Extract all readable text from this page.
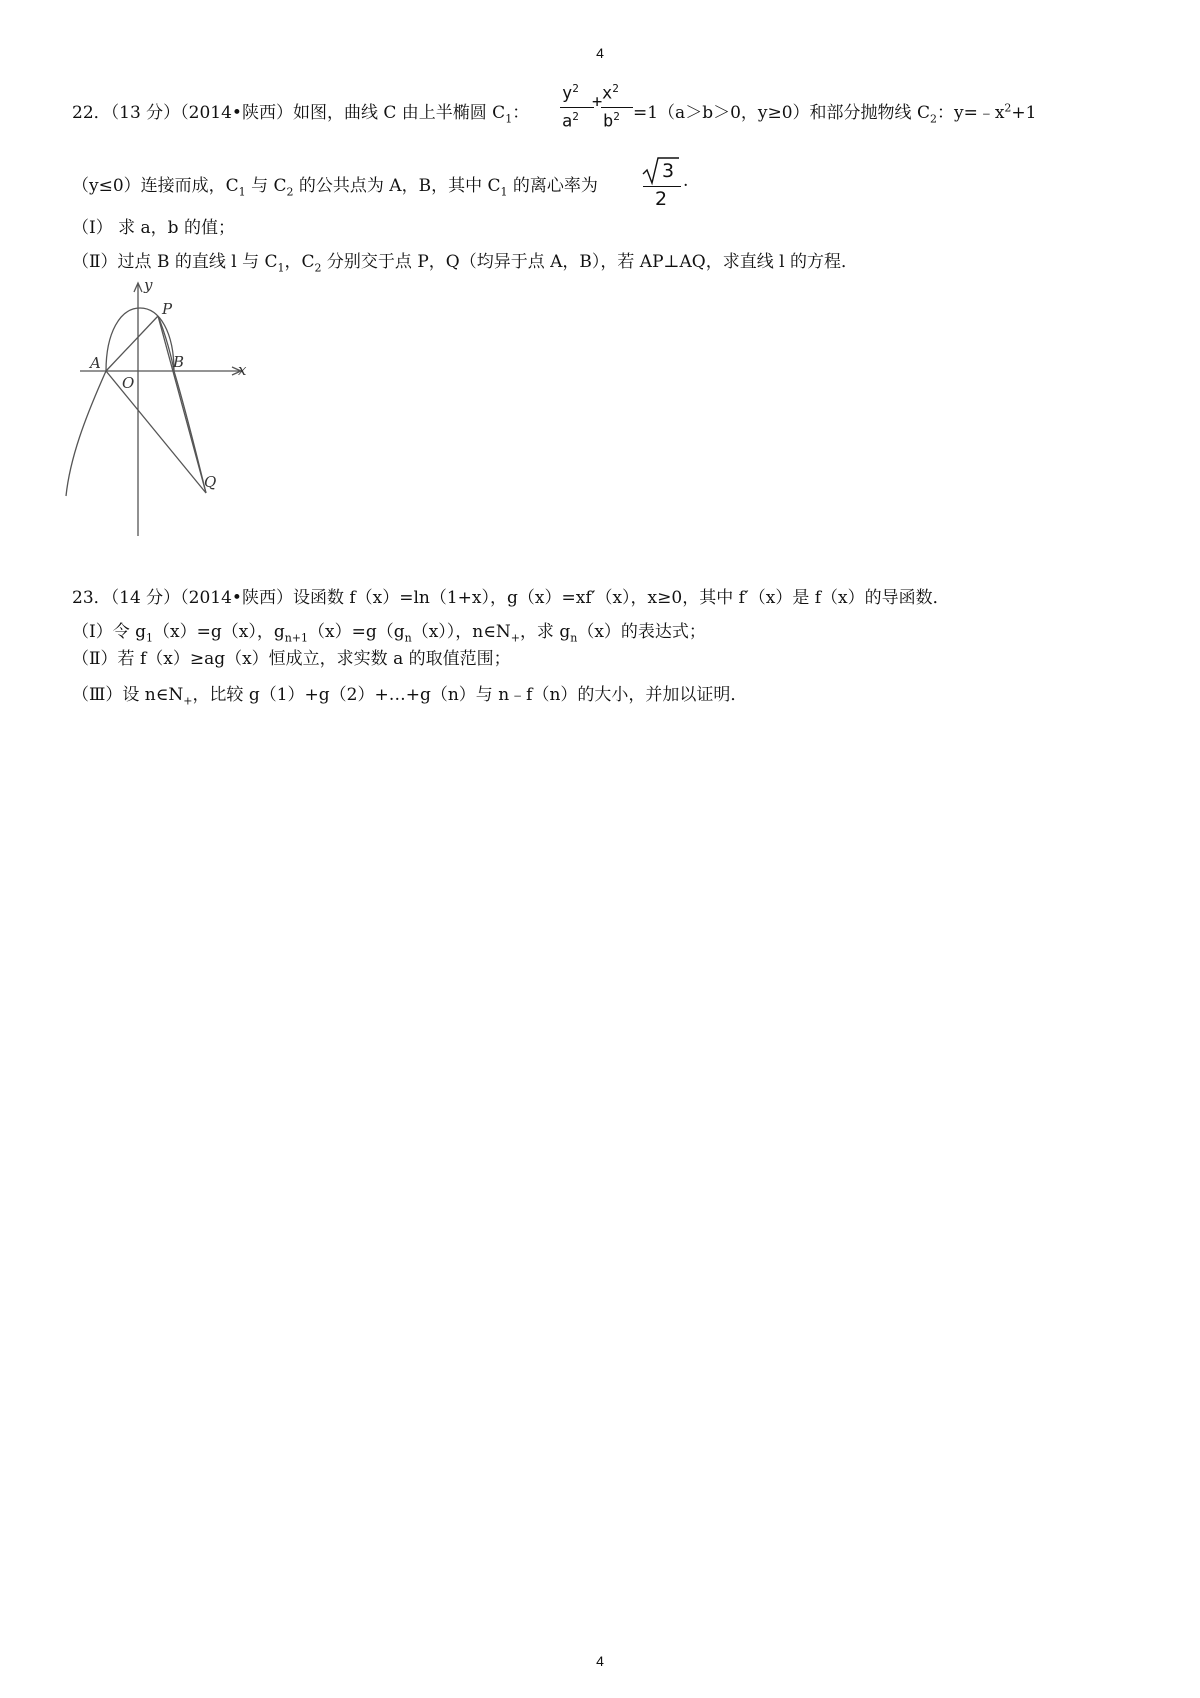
4
22．（13 分）（2014•陕西）如图，曲线 C 由上半椭圆 $C_1$：
$y^2$
$a^2$
+ $x^2$
$b^2 =1(a>b>0$，y≥0）和部分抛物线 $C_2$：$y=﹣x^2+1$
（y≤0）连接而成，$C_1$ 与 $C_2$ 的公共点为 A，B，其中 $C_1$ 的离心率为
3
2
.
（Ⅰ） 求 a，b 的值；
（Ⅱ）过点 B 的直线 l 与 $C_1$，$C_2$ 分别交于点 P，Q（均异于点 A，B），若 AP⊥AQ，求直线 l 的方程．
y
x
P
A	B
O
Q
23．（14 分）（2014•陕西）设函数 f（x）=ln（1+x），g（x）=xf′（x），x≥0，其中 f′（x）是 f（x）的导函数．
（Ⅰ）令 $g_1(x)=g(x)$，$g_{n+1}(x)=g(g_n(x))$，$n\in N_+$，求 $g_n(x)$的表达式；
（Ⅱ）若 f（x）≥ag（x）恒成立，求实数 a 的取值范围；
（Ⅲ）设 $n\in N_+$，比较 g（1）+g（2）+…+g（n）与 n﹣f（n）的大小，并加以证明．
4
